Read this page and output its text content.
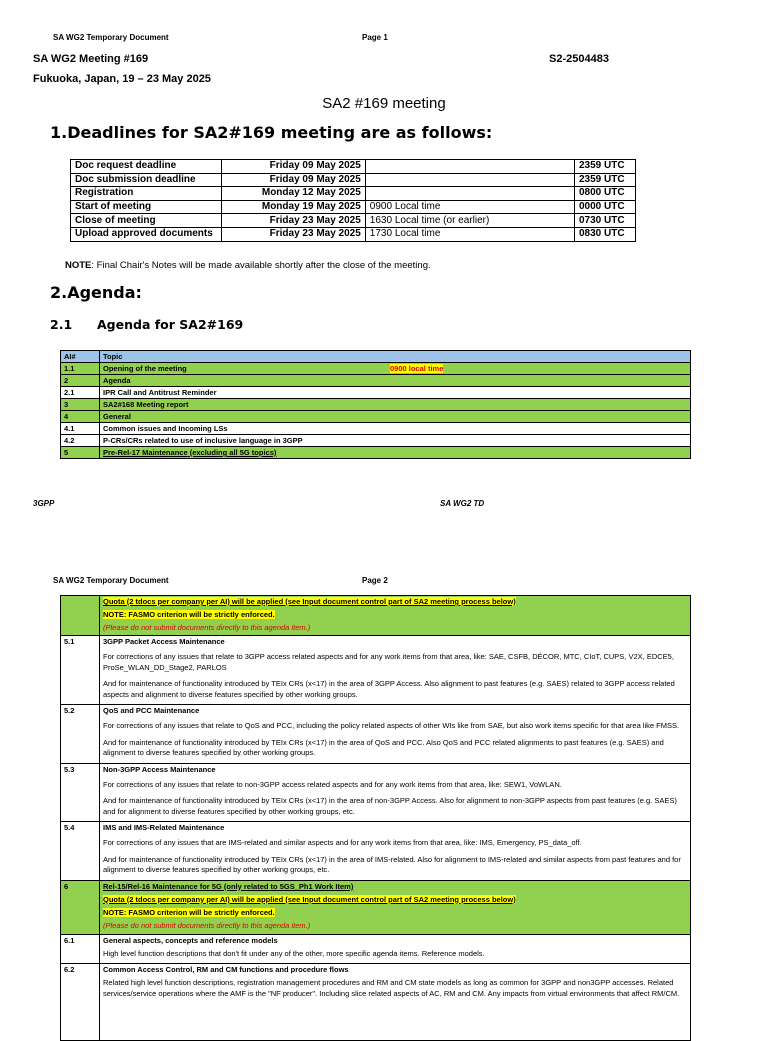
SA WG2 Temporary Document	Page 1
SA WG2 Meeting #169	S2-2504483
Fukuoka, Japan, 19 – 23 May 2025
SA2 #169 meeting
1.Deadlines for SA2#169 meeting are as follows:
Doc request deadline	Friday 09 May 2025		2359 UTC
Doc submission deadline	Friday 09 May 2025		2359 UTC
Registration	Monday 12 May 2025		0800 UTC
Start of meeting	Monday 19 May 2025	0900 Local time	0000 UTC
Close of meeting	Friday 23 May 2025	1630 Local time (or earlier)	0730 UTC
Upload approved documents	Friday 23 May 2025	1730 Local time	0830 UTC
NOTE: Final Chair's Notes will be made available shortly after the close of the meeting.
2.Agenda:
2.1 Agenda for SA2#169
AI#	Topic
1.1	Opening of the meeting 0900 local time

2	Agenda
2.1	IPR Call and Antitrust Reminder
3	SA2#168 Meeting report
4	General
4.1	Common issues and Incoming LSs
4.2	P-CRs/CRs related to use of inclusive language in 3GPP
5	Pre-Rel-17 Maintenance (excluding all 5G topics)
3GPP	SA WG2 TD
SA WG2 Temporary Document	Page 2

	Quota (2 tdocs per company per AI) will be applied (see Input document control part of SA2 meeting process below)
NOTE: FASMO criterion will be strictly enforced.
(Please do not submit documents directly to this agenda item.)

5.1	3GPP Packet Access Maintenance
For corrections of any issues that relate to 3GPP access related aspects and for any work items from that area, like: SAE, CSFB, DÉCOR, MTC, CIoT, CUPS, V2X, EDCE5, ProSe_WLAN_DD_Stage2, PARLOS
And for maintenance of functionality introduced by TEIx CRs (x<17) in the area of 3GPP Access. Also alignment to past features (e.g. SAES) related to 3GPP access related aspects and alignment to diverse features specified by other working groups.

5.2	QoS and PCC Maintenance
For corrections of any issues that relate to QoS and PCC, including the policy related aspects of other WIs like from SAE, but also work items specific for that area like FMSS.
And for maintenance of functionality introduced by TEIx CRs (x<17) in the area of QoS and PCC. Also QoS and PCC related alignments to past features (e.g. SAES) and alignment to diverse features specified by other working groups.

5.3	Non-3GPP Access Maintenance
For corrections of any issues that relate to non-3GPP access related aspects and for any work items from that area, like: SEW1, VoWLAN.
And for maintenance of functionality introduced by TEIx CRs (x<17) in the area of non-3GPP Access. Also for alignment to non-3GPP aspects from past features (e.g. SAES) and for alignment to diverse features specified by other working groups, etc.

5.4	IMS and IMS-Related Maintenance
For corrections of any issues that are IMS-related and similar aspects and for any work items from that area, like: IMS, Emergency, PS_data_off.
And for maintenance of functionality introduced by TEIx CRs (x<17) in the area of IMS-related. Also for alignment to IMS-related and similar aspects from past features and for alignment to diverse features specified by other working groups, etc.

6	Rel-15/Rel-16 Maintenance for 5G (only related to 5GS_Ph1 Work Item)
Quota (2 tdocs per company per AI) will be applied (see Input document control part of SA2 meeting process below)
NOTE: FASMO criterion will be strictly enforced.
(Please do not submit documents directly to this agenda item.)

6.1	General aspects, concepts and reference models
High level function descriptions that don't fit under any of the other, more specific agenda items. Reference models.

6.2	Common Access Control, RM and CM functions and procedure flows
Related high level function descriptions, registration management procedures and RM and CM state models as long as common for 3GPP and non3GPP accesses. Related services/service operations where the AMF is the "NF producer". Including slice related aspects of AC, RM and CM. Any impacts from virtual environments that affect RM/CM.
